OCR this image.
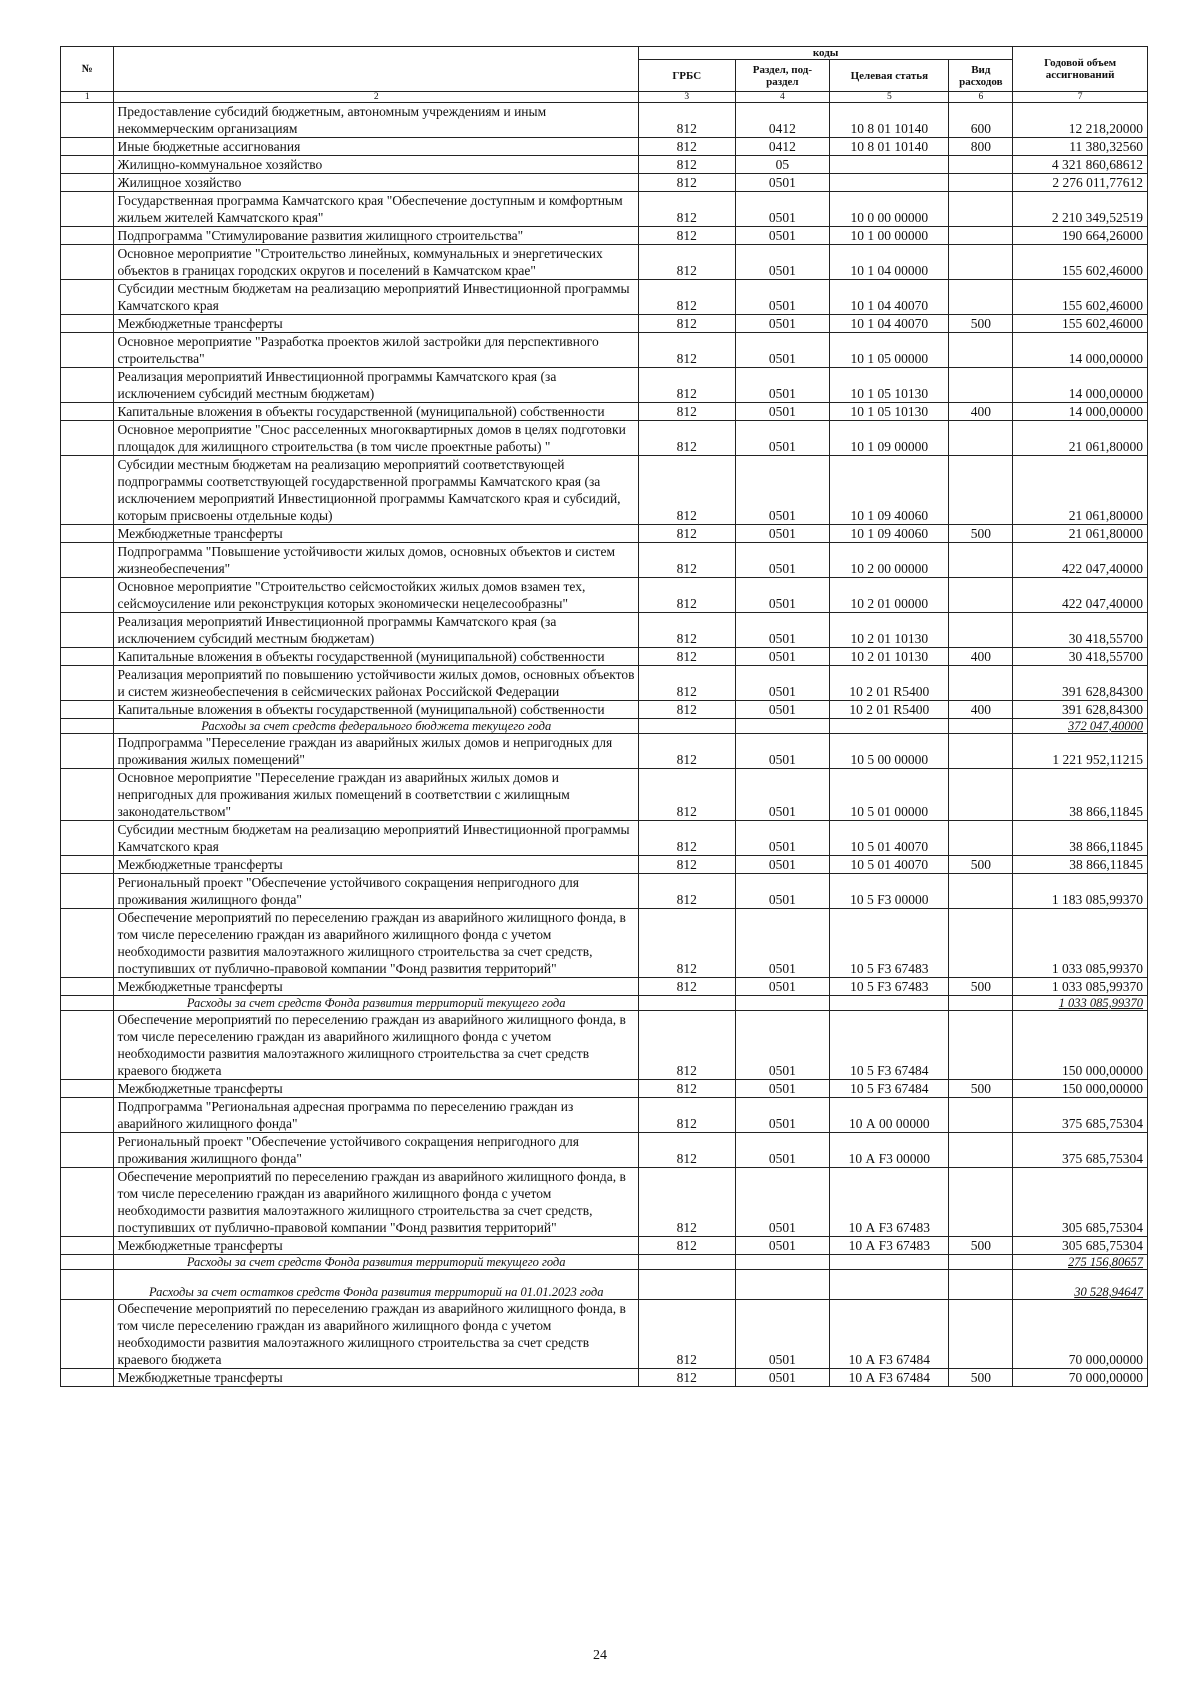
№		коды				Годовой объем ассигнований
		ГРБС	Раздел, под-раздел	Целевая статья	Вид расходов	
1	2	3	4	5	6	7
	Предоставление субсидий бюджетным, автономным учреждениям и иным некоммерческим организациям	812	0412	10 8 01 10140	600	12 218,20000
	Иные бюджетные ассигнования	812	0412	10 8 01 10140	800	11 380,32560
	Жилищно-коммунальное хозяйство	812	05			4 321 860,68612
	Жилищное хозяйство	812	0501			2 276 011,77612
	Государственная программа Камчатского края "Обеспечение доступным и комфортным жильем жителей Камчатского края"	812	0501	10 0 00 00000		2 210 349,52519
	Подпрограмма "Стимулирование развития жилищного строительства"	812	0501	10 1 00 00000		190 664,26000
	Основное мероприятие "Строительство линейных, коммунальных и энергетических объектов в границах городских округов и поселений в Камчатском крае"	812	0501	10 1 04 00000		155 602,46000
	Субсидии местным бюджетам на реализацию мероприятий Инвестиционной программы Камчатского края	812	0501	10 1 04 40070		155 602,46000
	Межбюджетные трансферты	812	0501	10 1 04 40070	500	155 602,46000
	Основное мероприятие "Разработка проектов жилой застройки для перспективного строительства"	812	0501	10 1 05 00000		14 000,00000
	Реализация мероприятий Инвестиционной программы Камчатского края (за исключением субсидий местным бюджетам)	812	0501	10 1 05 10130		14 000,00000
	Капитальные вложения в объекты государственной (муниципальной) собственности	812	0501	10 1 05 10130	400	14 000,00000
	Основное мероприятие "Снос расселенных многоквартирных домов в целях подготовки площадок для жилищного строительства (в том числе проектные работы) "	812	0501	10 1 09 00000		21 061,80000
	Субсидии местным бюджетам на реализацию мероприятий соответствующей подпрограммы соответствующей государственной программы Камчатского края (за исключением мероприятий Инвестиционной программы Камчатского края и субсидий, которым присвоены отдельные коды)	812	0501	10 1 09 40060		21 061,80000
	Межбюджетные трансферты	812	0501	10 1 09 40060	500	21 061,80000
	Подпрограмма "Повышение устойчивости жилых домов, основных объектов и систем жизнеобеспечения"	812	0501	10 2 00 00000		422 047,40000
	Основное мероприятие "Строительство сейсмостойких жилых домов взамен тех, сейсмоусиление или реконструкция которых экономически нецелесообразны"	812	0501	10 2 01 00000		422 047,40000
	Реализация мероприятий Инвестиционной программы Камчатского края (за исключением субсидий местным бюджетам)	812	0501	10 2 01 10130		30 418,55700
	Капитальные вложения в объекты государственной (муниципальной) собственности	812	0501	10 2 01 10130	400	30 418,55700
	Реализация мероприятий по повышению устойчивости жилых домов, основных объектов и систем жизнеобеспечения в сейсмических районах Российской Федерации	812	0501	10 2 01 R5400		391 628,84300
	Капитальные вложения в объекты государственной (муниципальной) собственности	812	0501	10 2 01 R5400	400	391 628,84300
	Расходы за счет средств федерального бюджета текущего года					372 047,40000
	Подпрограмма "Переселение граждан из аварийных жилых домов и непригодных для проживания жилых помещений"	812	0501	10 5 00 00000		1 221 952,11215
	Основное мероприятие "Переселение граждан из аварийных жилых домов и непригодных для проживания жилых помещений в соответствии с жилищным законодательством"	812	0501	10 5 01 00000		38 866,11845
	Субсидии местным бюджетам на реализацию мероприятий Инвестиционной программы Камчатского края	812	0501	10 5 01 40070		38 866,11845
	Межбюджетные трансферты	812	0501	10 5 01 40070	500	38 866,11845
	Региональный проект "Обеспечение устойчивого сокращения непригодного для проживания жилищного фонда"	812	0501	10 5 F3 00000		1 183 085,99370
	Обеспечение мероприятий по переселению граждан из аварийного жилищного фонда, в том числе переселению граждан из аварийного жилищного фонда с учетом необходимости развития малоэтажного жилищного строительства за счет средств, поступивших от публично-правовой компании "Фонд развития территорий"	812	0501	10 5 F3 67483		1 033 085,99370
	Межбюджетные трансферты	812	0501	10 5 F3 67483	500	1 033 085,99370
	Расходы за счет средств Фонда развития территорий текущего года					1 033 085,99370
	Обеспечение мероприятий по переселению граждан из аварийного жилищного фонда, в том числе переселению граждан из аварийного жилищного фонда с учетом необходимости развития малоэтажного жилищного строительства за счет средств краевого бюджета	812	0501	10 5 F3 67484		150 000,00000
	Межбюджетные трансферты	812	0501	10 5 F3 67484	500	150 000,00000
	Подпрограмма "Региональная адресная программа по переселению граждан из аварийного жилищного фонда"	812	0501	10 А 00 00000		375 685,75304
	Региональный проект "Обеспечение устойчивого сокращения непригодного для проживания жилищного фонда"	812	0501	10 А F3 00000		375 685,75304
	Обеспечение мероприятий по переселению граждан из аварийного жилищного фонда, в том числе переселению граждан из аварийного жилищного фонда с учетом необходимости развития малоэтажного жилищного строительства за счет средств, поступивших от публично-правовой компании "Фонд развития территорий"	812	0501	10 А F3 67483		305 685,75304
	Межбюджетные трансферты	812	0501	10 А F3 67483	500	305 685,75304
	Расходы за счет средств Фонда развития территорий текущего года					275 156,80657
	Расходы за счет остатков средств Фонда развития территорий на 01.01.2023 года					30 528,94647
	Обеспечение мероприятий по переселению граждан из аварийного жилищного фонда, в том числе переселению граждан из аварийного жилищного фонда с учетом необходимости развития малоэтажного жилищного строительства за счет средств краевого бюджета	812	0501	10 А F3 67484		70 000,00000
	Межбюджетные трансферты	812	0501	10 А F3 67484	500	70 000,00000
24
